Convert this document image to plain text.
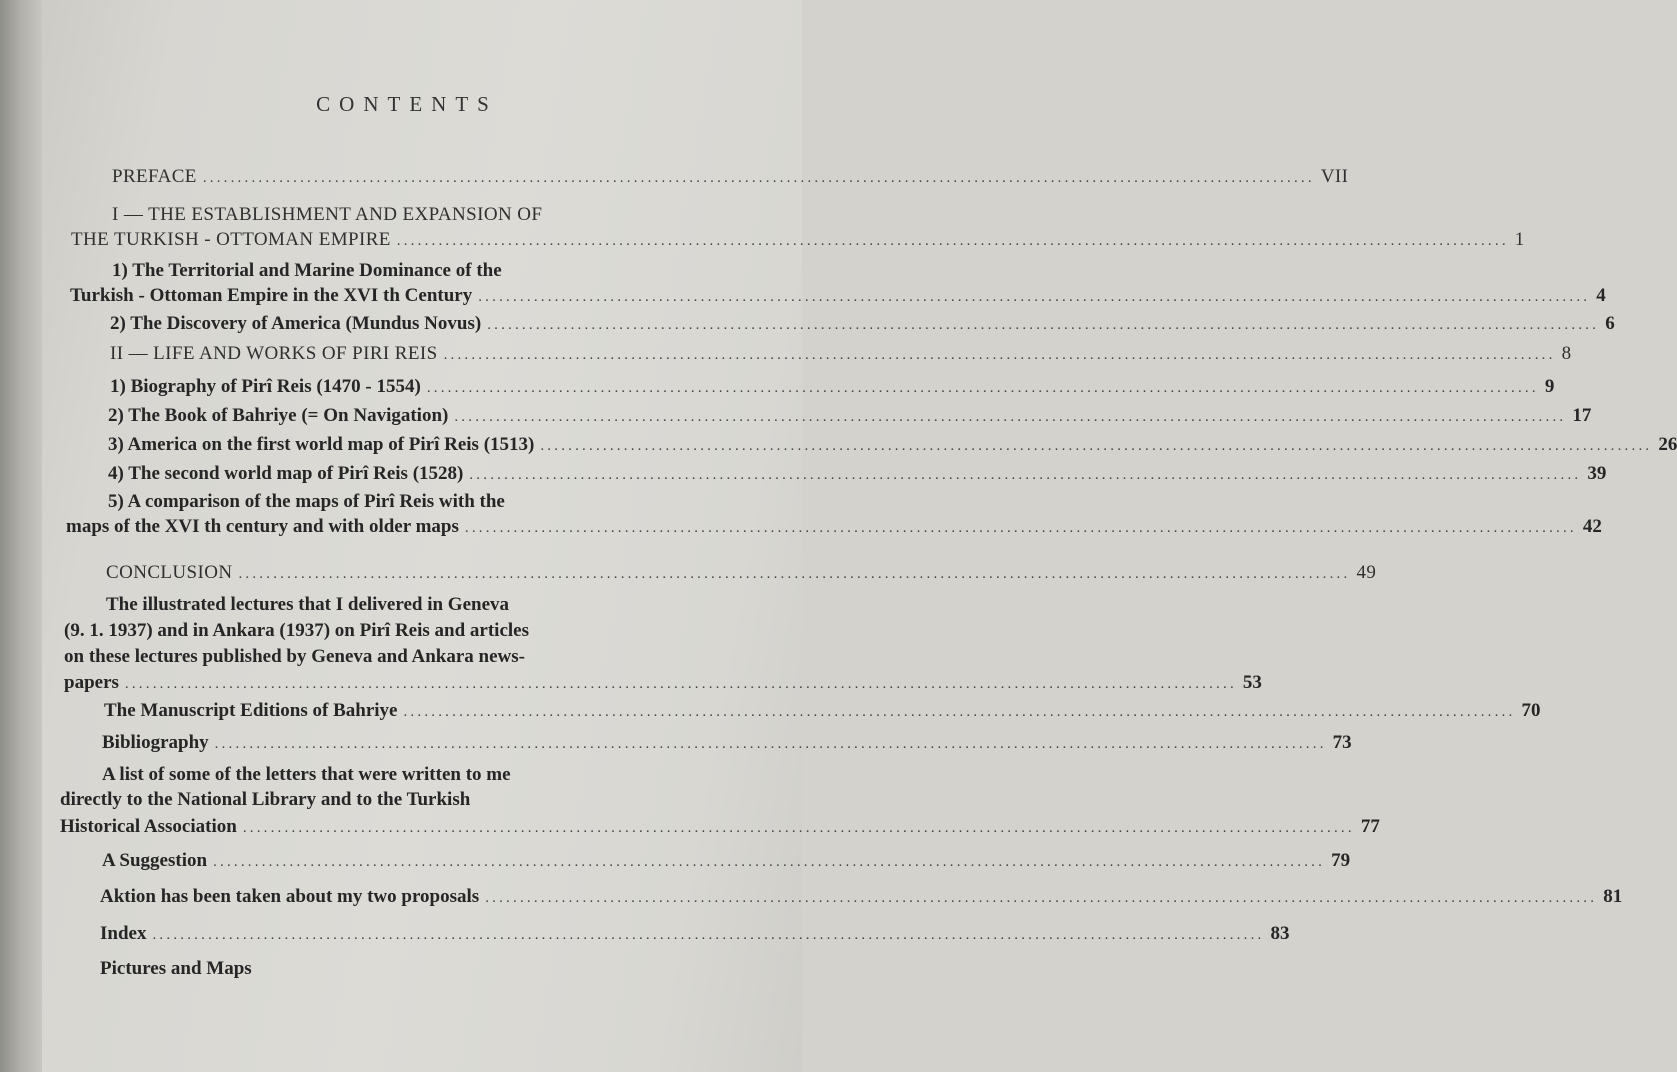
CONTENTS
PREFACE ................................................................................................................................................................ VII
I — THE ESTABLISHMENT AND EXPANSION OF
THE TURKISH - OTTOMAN EMPIRE ................................................................................................................................................................ 1
1) The Territorial and Marine Dominance of the
Turkish - Ottoman Empire in the XVI th Century ................................................................................................................................................................ 4
2) The Discovery of America (Mundus Novus) ................................................................................................................................................................ 6
II — LIFE AND WORKS OF PIRI REIS ................................................................................................................................................................ 8
1) Biography of Pirî Reis (1470 - 1554) ................................................................................................................................................................ 9
2) The Book of Bahriye (= On Navigation) ................................................................................................................................................................ 17
3) America on the first world map of Pirî Reis (1513) ................................................................................................................................................................ 26
4) The second world map of Pirî Reis (1528) ................................................................................................................................................................ 39
5) A comparison of the maps of Pirî Reis with the
maps of the XVI th century and with older maps ................................................................................................................................................................ 42
CONCLUSION ................................................................................................................................................................ 49
The illustrated lectures that I delivered in Geneva
(9. 1. 1937) and in Ankara (1937) on Pirî Reis and articles
on these lectures published by Geneva and Ankara news-
papers ................................................................................................................................................................ 53
The Manuscript Editions of Bahriye ................................................................................................................................................................ 70
Bibliography ................................................................................................................................................................ 73
A list of some of the letters that were written to me
directly to the National Library and to the Turkish
Historical Association ................................................................................................................................................................ 77
A Suggestion ................................................................................................................................................................ 79
Aktion has been taken about my two proposals ................................................................................................................................................................ 81
Index ................................................................................................................................................................ 83
Pictures and Maps
